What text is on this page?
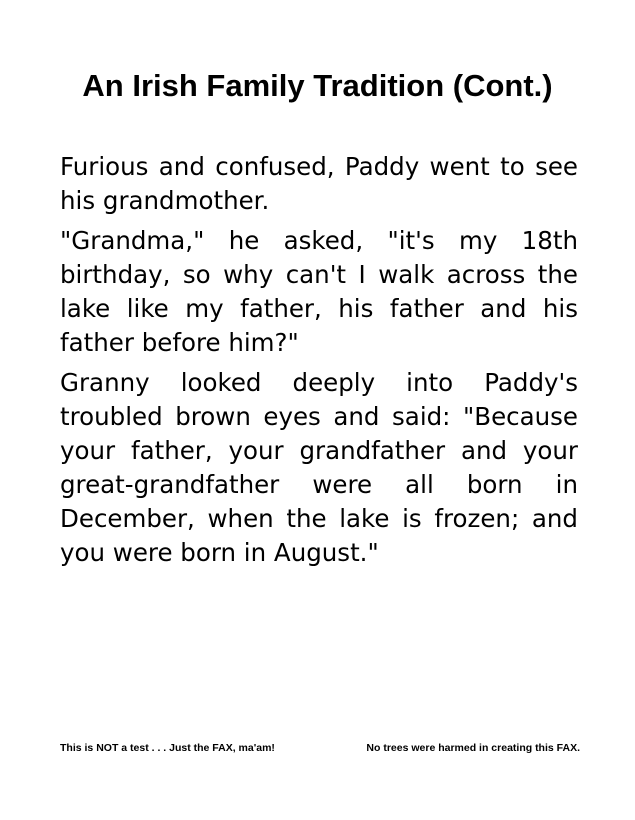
An Irish Family Tradition (Cont.)

Furious and confused, Paddy went to see his grandmother.

"Grandma," he asked, "it's my 18th birthday, so why can't I walk across the lake like my father, his father and his father before him?"

Granny looked deeply into Paddy's troubled brown eyes and said: "Because your father, your grandfather and your great-grandfather were all born in December, when the lake is frozen; and you were born in August."

This is NOT a test . . . Just the FAX, ma'am!	No trees were harmed in creating this FAX.
